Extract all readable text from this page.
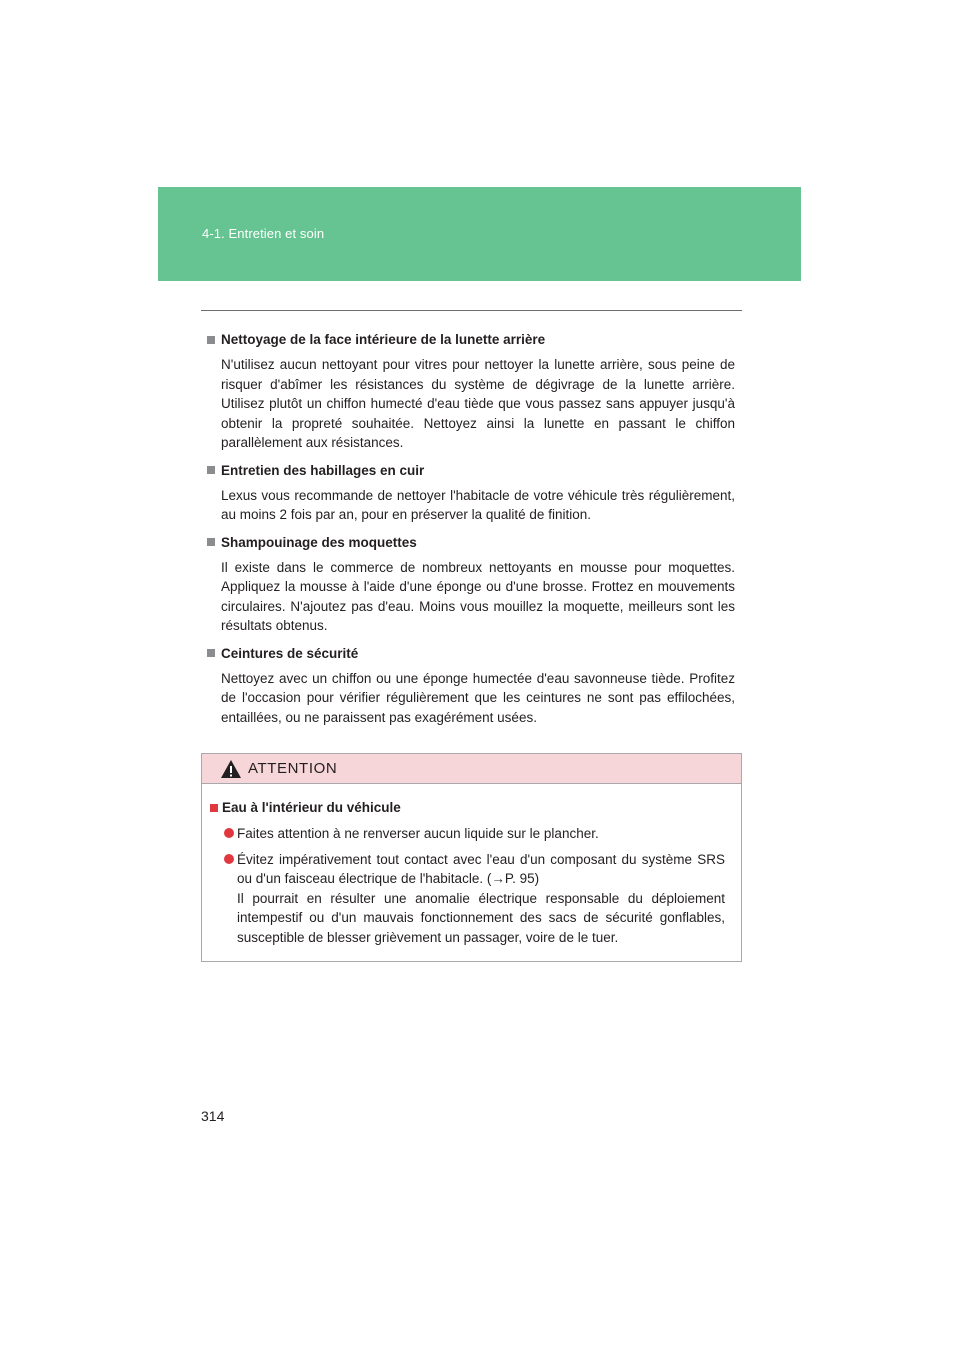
4-1. Entretien et soin
Nettoyage de la face intérieure de la lunette arrière

N'utilisez aucun nettoyant pour vitres pour nettoyer la lunette arrière, sous peine de risquer d'abîmer les résistances du système de dégivrage de la lunette arrière. Utilisez plutôt un chiffon humecté d'eau tiède que vous passez sans appuyer jusqu'à obtenir la propreté souhaitée. Nettoyez ainsi la lunette en passant le chiffon parallèlement aux résistances.

Entretien des habillages en cuir

Lexus vous recommande de nettoyer l'habitacle de votre véhicule très régulièrement, au moins 2 fois par an, pour en préserver la qualité de finition.

Shampouinage des moquettes

Il existe dans le commerce de nombreux nettoyants en mousse pour moquettes. Appliquez la mousse à l'aide d'une éponge ou d'une brosse. Frottez en mouvements circulaires. N'ajoutez pas d'eau. Moins vous mouillez la moquette, meilleurs sont les résultats obtenus.

Ceintures de sécurité

Nettoyez avec un chiffon ou une éponge humectée d'eau savonneuse tiède. Profitez de l'occasion pour vérifier régulièrement que les ceintures ne sont pas effilochées, entaillées, ou ne paraissent pas exagérément usées.

ATTENTION
Eau à l'intérieur du véhicule
Faites attention à ne renverser aucun liquide sur le plancher.
Évitez impérativement tout contact avec l'eau d'un composant du système SRS ou d'un faisceau électrique de l'habitacle. (→P. 95)
Il pourrait en résulter une anomalie électrique responsable du déploiement intempestif ou d'un mauvais fonctionnement des sacs de sécurité gonflables, susceptible de blesser grièvement un passager, voire de le tuer.
314
